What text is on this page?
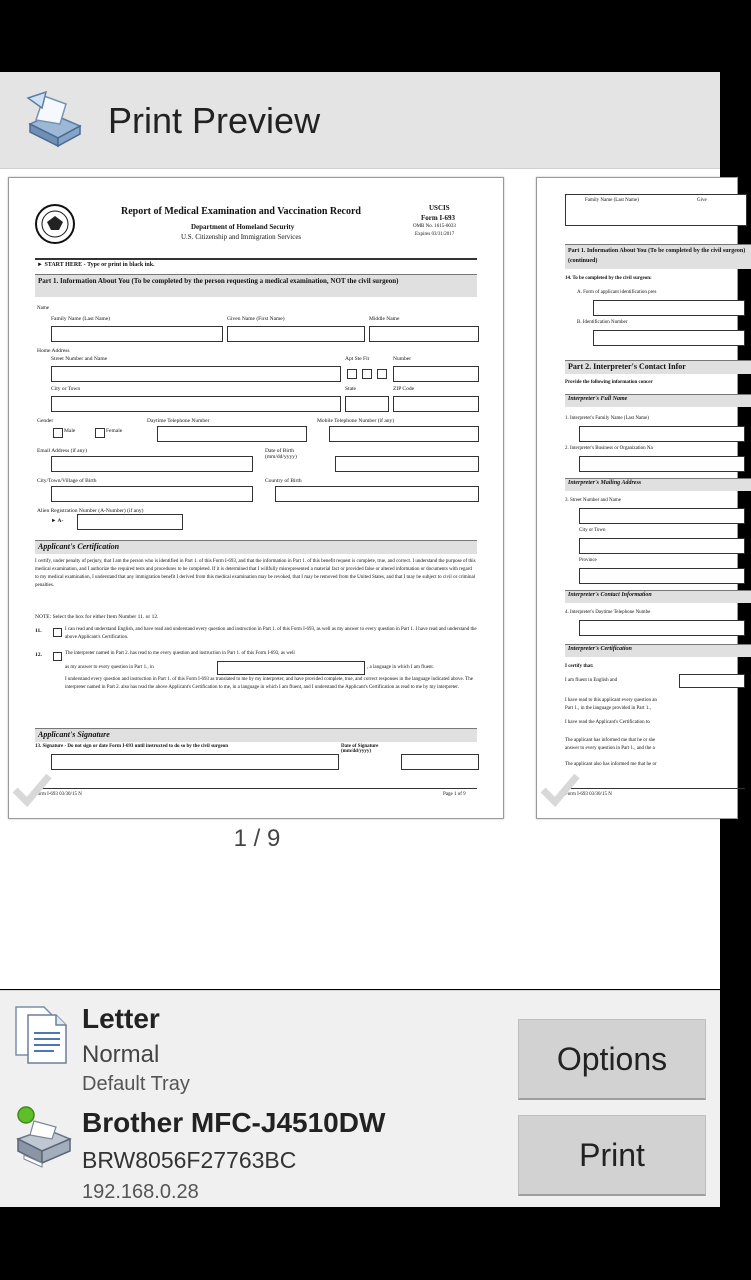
Print Preview
Report of Medical Examination and Vaccination Record
Department of Homeland Security
U.S. Citizenship and Immigration Services
USCIS
Form I-693
OMB No. 1615-0033
Expires 03/31/2017
► START HERE - Type or print in black ink.
Part 1. Information About You (To be completed by the person requesting a medical examination, NOT the civil surgeon)
Name
Family Name (Last Name)	Given Name (First Name)	Middle Name
Home Address
Street Number and Name	Apt Ste Flr	Number
City or Town	State	ZIP Code
Gender
Male	Female
Daytime Telephone Number	Mobile Telephone Number (if any)
Email Address (if any)	Date of Birth (mm/dd/yyyy)
City/Town/Village of Birth	Country of Birth
Alien Registration Number (A-Number) (if any)
► A-
Applicant's Certification
I certify, under penalty of perjury, that I am the person who is identified in Part 1. of this Form I-693, and that the information in Part 1. of this benefit request is complete, true, and correct. I understand the purpose of this medical examination, and I authorize the required tests and procedures to be completed. If it is determined that I willfully misrepresented a material fact or provided false or altered information or documents with regard to my medical examination, I understand that any immigration benefit I derived from this medical examination may be revoked, that I may be removed from the United States, and that I may be subject to civil or criminal penalties.
NOTE: Select the box for either Item Number 11. or 12.
11.	I can read and understand English, and have read and understand every question and instruction in Part 1. of this Form I-693, as well as my answer to every question in Part 1. I have read and understand the above Applicant's Certification.
12.	The interpreter named in Part 2. has read to me every question and instruction in Part 1. of this Form I-693, as well
as my answer to every question in Part 1., in	, a language in which I am fluent.
I understand every question and instruction in Part 1. of this Form I-693 as translated to me by my interpreter, and have provided complete, true, and correct responses in the language indicated above. The interpreter named in Part 2. also has read the above Applicant's Certification to me, in a language in which I am fluent, and I understand the Applicant's Certification as read to me by my interpreter.
Applicant's Signature
13. Signature - Do not sign or date Form I-693 until instructed to do so by the civil surgeon	Date of Signature (mm/dd/yyyy)
Form I-693 03/30/15 N	Page 1 of 9
Family Name (Last Name)	Give
Part 1. Information About You (To be completed by the civil surgeon) (continued)
14. To be completed by the civil surgeon:
A. Form of applicant identification pres
B. Identification Number
Part 2. Interpreter's Contact Infor
Provide the following information concer
Interpreter's Full Name
1. Interpreter's Family Name (Last Name)
2. Interpreter's Business or Organization Na
Interpreter's Mailing Address
3. Street Number and Name
City or Town
Province
Interpreter's Contact Information
4. Interpreter's Daytime Telephone Numbe
Interpreter's Certification
I certify that:
I am fluent in English and
I have read to this applicant every question an
Part 1., in the language provided in Part 1.,
I have read the Applicant's Certification to
The applicant has informed me that he or she
answer to every question in Part 1., and the a
The applicant also has informed me that he or
Form I-693 03/30/15 N
1 / 9
Letter
Normal
Default Tray
Brother MFC-J4510DW
BRW8056F27763BC
192.168.0.28
Options
Print
